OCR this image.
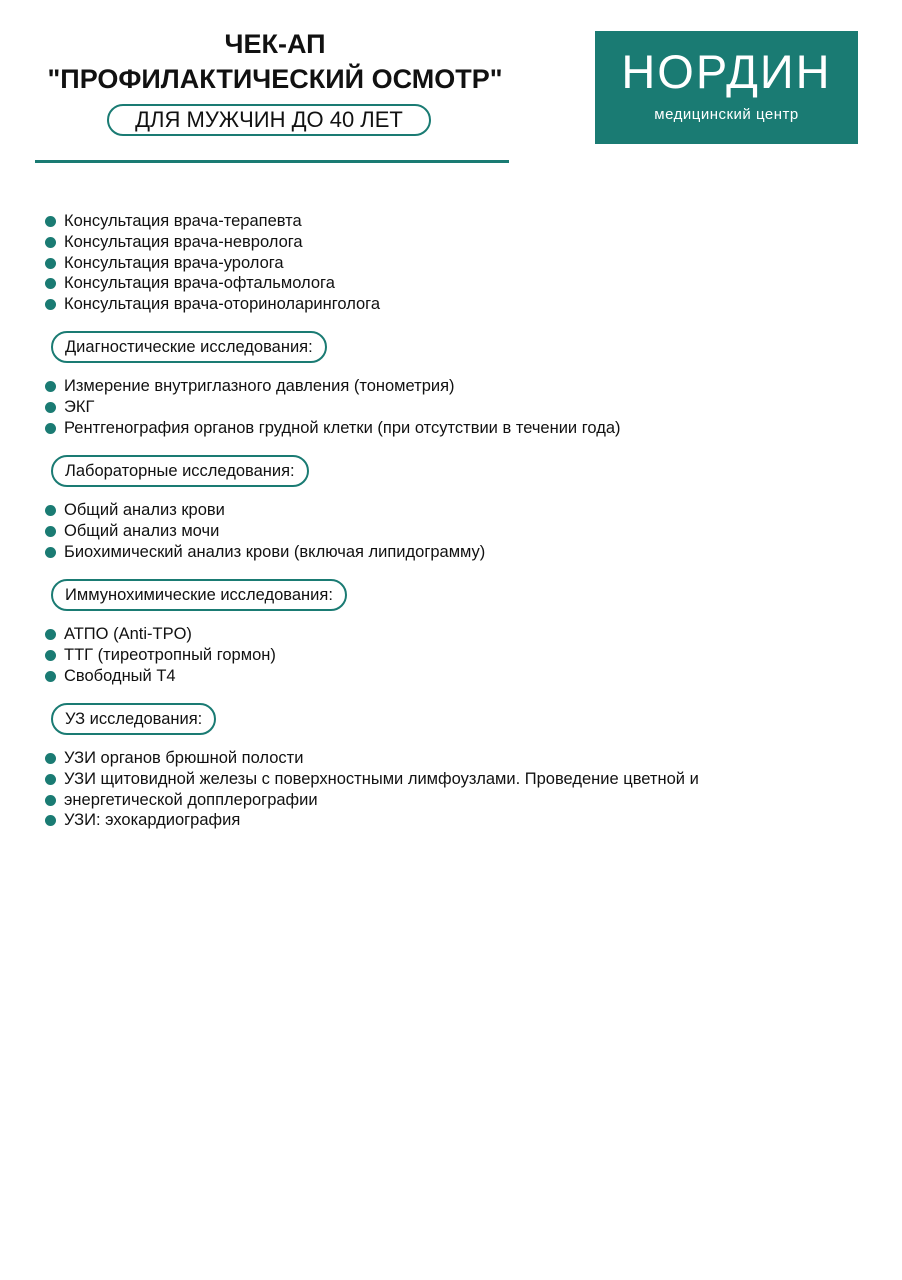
ЧЕК-АП
"ПРОФИЛАКТИЧЕСКИЙ ОСМОТР"
ДЛЯ МУЖЧИН ДО 40 ЛЕТ
НОРДИН
медицинский центр
Консультация врача-терапевта
Консультация врача-невролога
Консультация врача-уролога
Консультация врача-офтальмолога
Консультация врача-оториноларинголога
Диагностические исследования:
Измерение внутриглазного давления (тонометрия)
ЭКГ
Рентгенография органов грудной клетки (при отсутствии в течении года)
Лабораторные исследования:
Общий анализ крови
Общий анализ мочи
Биохимический анализ крови (включая липидограмму)
Иммунохимические исследования:
АТПО (Anti-TPO)
ТТГ (тиреотропный гормон)
Свободный Т4
УЗ исследования:
УЗИ органов брюшной полости
УЗИ щитовидной железы с поверхностными лимфоузлами. Проведение цветной и
энергетической допплерографии
УЗИ: эхокардиография
